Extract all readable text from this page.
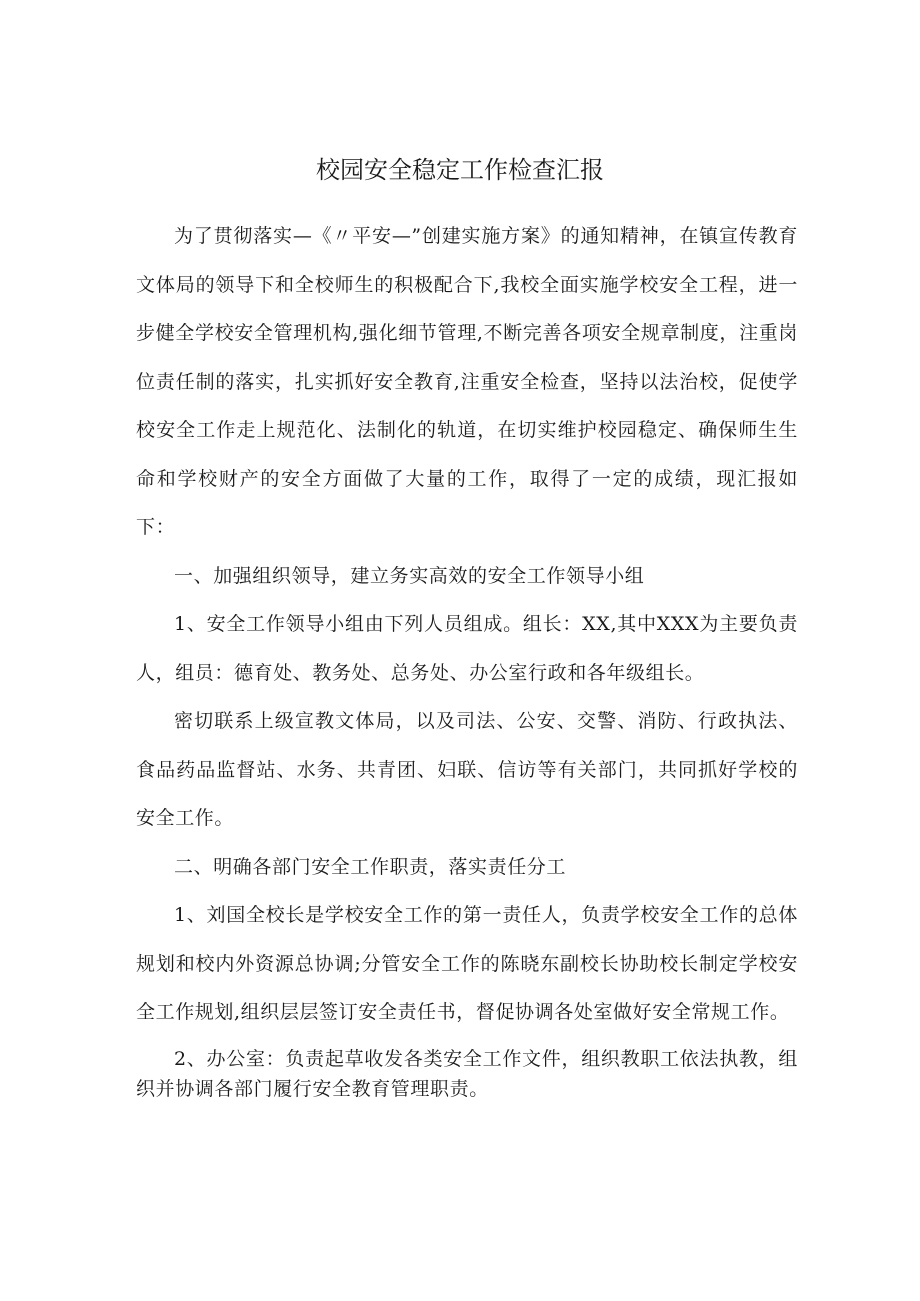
校园安全稳定工作检查汇报

为了贯彻落实—《〃平安—”创建实施方案》的通知精神，在镇宣传教育文体局的领导下和全校师生的积极配合下,我校全面实施学校安全工程，进一步健全学校安全管理机构,强化细节管理,不断完善各项安全规章制度，注重岗位责任制的落实，扎实抓好安全教育,注重安全检查，坚持以法治校，促使学校安全工作走上规范化、法制化的轨道，在切实维护校园稳定、确保师生生命和学校财产的安全方面做了大量的工作，取得了一定的成绩，现汇报如下：

一、加强组织领导，建立务实高效的安全工作领导小组

1、安全工作领导小组由下列人员组成。组长：XX,其中XXX为主要负责人，组员：德育处、教务处、总务处、办公室行政和各年级组长。

密切联系上级宣教文体局，以及司法、公安、交警、消防、行政执法、食品药品监督站、水务、共青团、妇联、信访等有关部门，共同抓好学校的安全工作。

二、明确各部门安全工作职责，落实责任分工

1、刘国全校长是学校安全工作的第一责任人，负责学校安全工作的总体规划和校内外资源总协调;分管安全工作的陈晓东副校长协助校长制定学校安全工作规划,组织层层签订安全责任书，督促协调各处室做好安全常规工作。

2、办公室：负责起草收发各类安全工作文件，组织教职工依法执教，组织并协调各部门履行安全教育管理职责。
